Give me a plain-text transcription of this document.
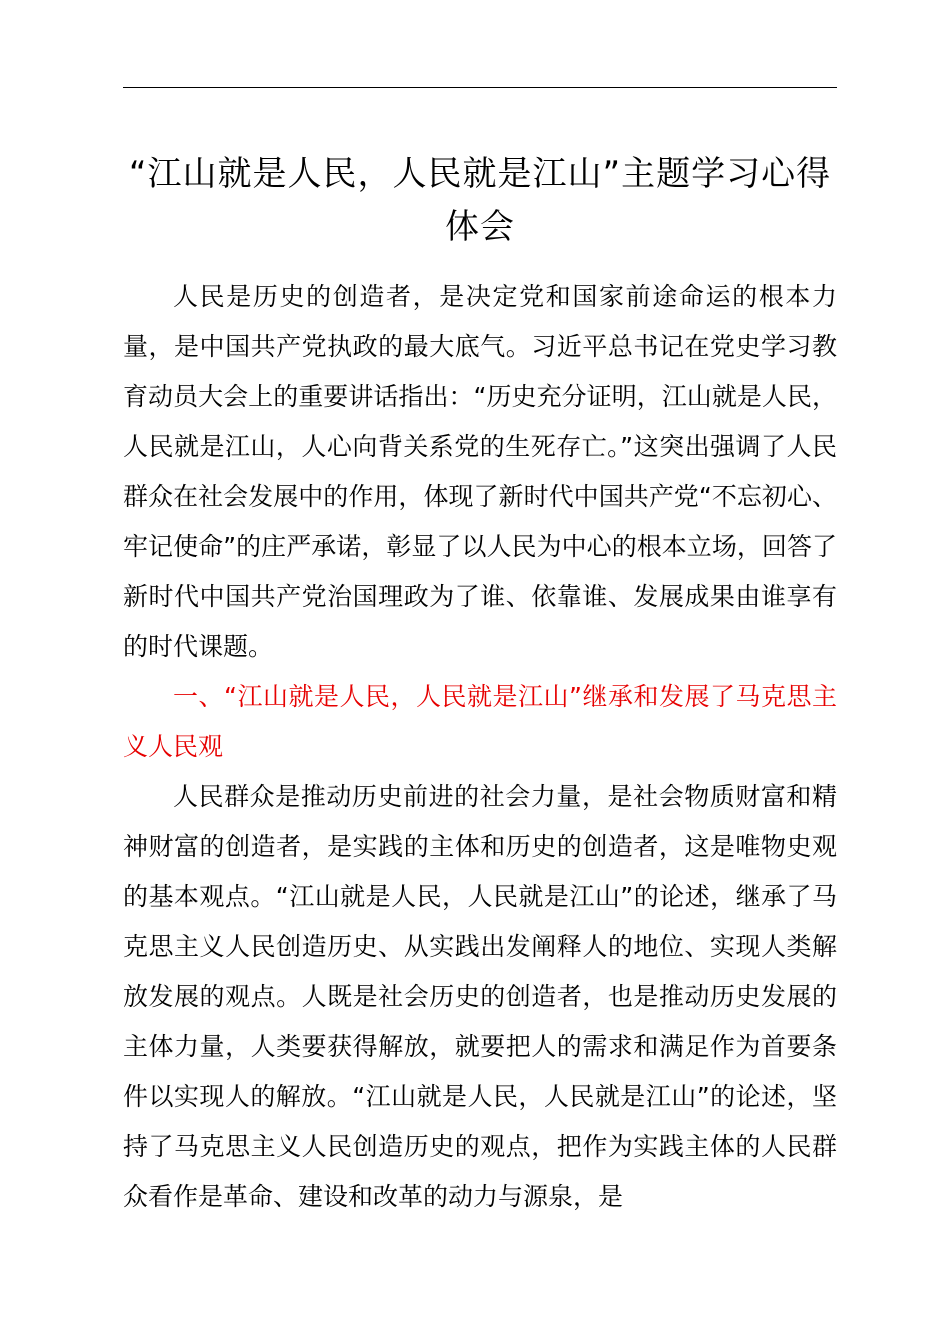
“江山就是人民，人民就是江山”主题学习心得体会

人民是历史的创造者，是决定党和国家前途命运的根本力量，是中国共产党执政的最大底气。习近平总书记在党史学习教育动员大会上的重要讲话指出：“历史充分证明，江山就是人民，人民就是江山，人心向背关系党的生死存亡。”这突出强调了人民群众在社会发展中的作用，体现了新时代中国共产党“不忘初心、牢记使命”的庄严承诺，彰显了以人民为中心的根本立场，回答了新时代中国共产党治国理政为了谁、依靠谁、发展成果由谁享有的时代课题。

一、“江山就是人民，人民就是江山”继承和发展了马克思主义人民观

人民群众是推动历史前进的社会力量，是社会物质财富和精神财富的创造者，是实践的主体和历史的创造者，这是唯物史观的基本观点。“江山就是人民，人民就是江山”的论述，继承了马克思主义人民创造历史、从实践出发阐释人的地位、实现人类解放发展的观点。人既是社会历史的创造者，也是推动历史发展的主体力量，人类要获得解放，就要把人的需求和满足作为首要条件以实现人的解放。“江山就是人民，人民就是江山”的论述，坚持了马克思主义人民创造历史的观点，把作为实践主体的人民群众看作是革命、建设和改革的动力与源泉，是
